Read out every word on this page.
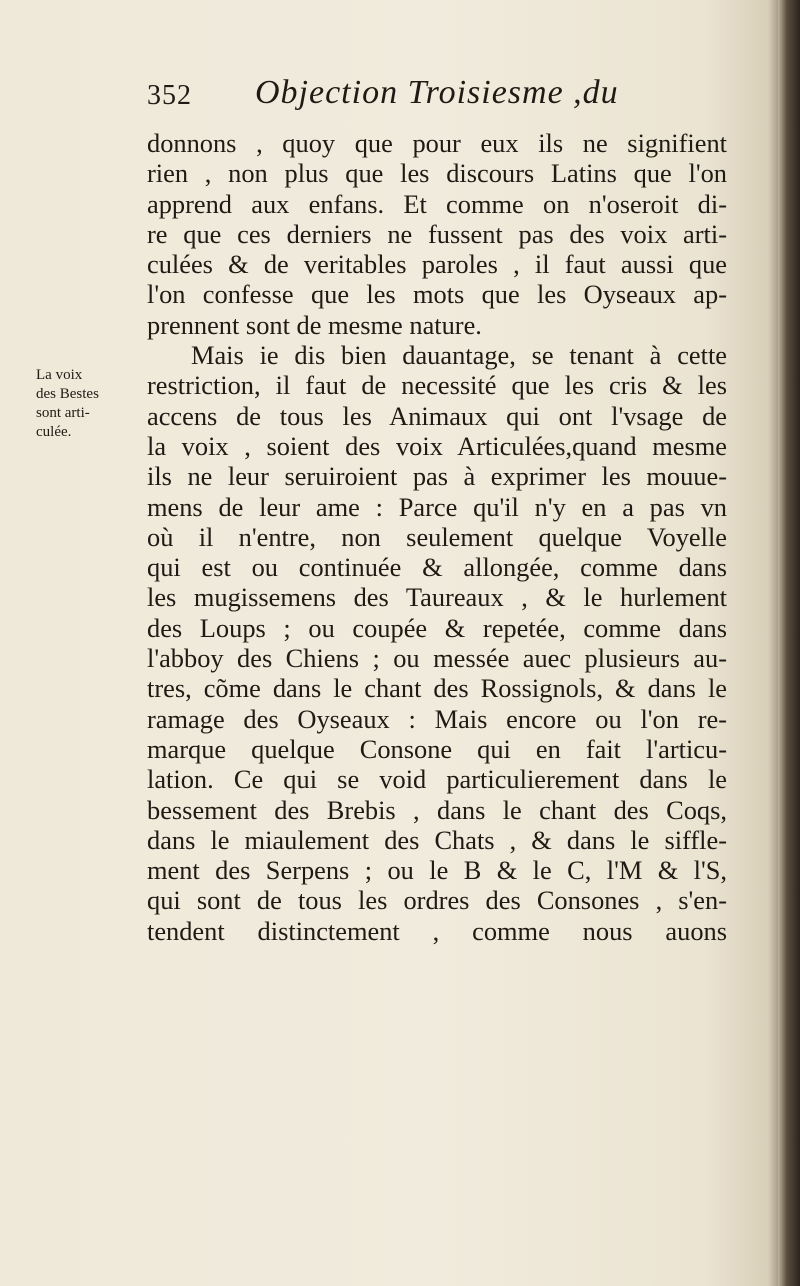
352 Objection Troisiesme ,du
La voix
des Bestes
sont arti-
culée.
donnons , quoy que pour eux ils ne signifient
rien , non plus que les discours Latins que l'on
apprend aux enfans. Et comme on n'oseroit di-
re que ces derniers ne fussent pas des voix arti-
culées & de veritables paroles , il faut aussi que
l'on confesse que les mots que les Oyseaux ap-
prennent sont de mesme nature.
Mais ie dis bien dauantage, se tenant à cette
restriction, il faut de necessité que les cris & les
accens de tous les Animaux qui ont l'vsage de
la voix , soient des voix Articulées,quand mesme
ils ne leur seruiroient pas à exprimer les mouue-
mens de leur ame : Parce qu'il n'y en a pas vn
où il n'entre, non seulement quelque Voyelle
qui est ou continuée & allongée, comme dans
les mugissemens des Taureaux , & le hurlement
des Loups ; ou coupée & repetée, comme dans
l'abboy des Chiens ; ou messée auec plusieurs au-
tres, cõme dans le chant des Rossignols, & dans le
ramage des Oyseaux : Mais encore ou l'on re-
marque quelque Consone qui en fait l'articu-
lation. Ce qui se void particulierement dans le
bessement des Brebis , dans le chant des Coqs,
dans le miaulement des Chats , & dans le siffle-
ment des Serpens ; ou le B & le C, l'M & l'S,
qui sont de tous les ordres des Consones , s'en-
tendent distinctement , comme nous auons
